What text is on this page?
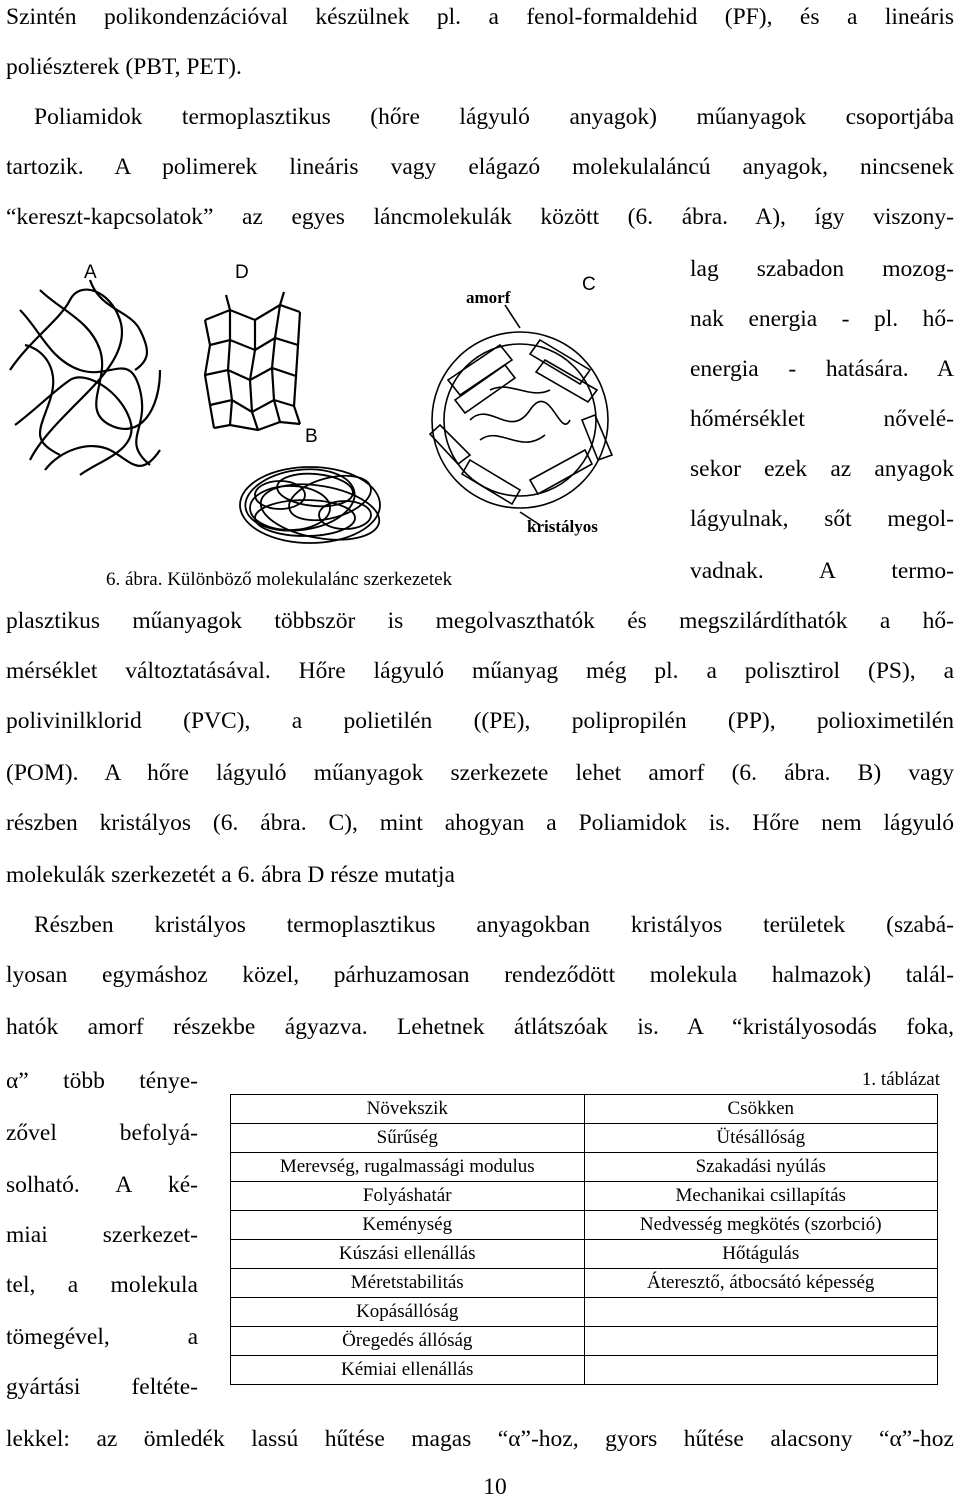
Szintén polikondenzációval készülnek pl. a fenol-formaldehid (PF), és a lineáris
poliészterek (PBT, PET).
Poliamidok termoplasztikus (hőre lágyuló anyagok) műanyagok csoportjába
tartozik. A polimerek lineáris vagy elágazó molekulaláncú anyagok, nincsenek
“kereszt-kapcsolatok” az egyes láncmolekulák között (6. ábra. A), így viszony-
lag szabadon mozog-
nak energia - pl. hő-
energia - hatására. A
hőmérséklet nővelé-
sekor ezek az anyagok
lágyulnak, sőt megol-
vadnak. A termo-
A	D
B
C
amorf
kristályos
6. ábra. Különböző molekulalánc szerkezetek
plasztikus műanyagok többször is megolvaszthatók és megszilárdíthatók a hő-
mérséklet változtatásával. Hőre lágyuló műanyag még pl. a polisztirol (PS), a
polivinilklorid (PVC), a polietilén ((PE), polipropilén (PP), polioximetilén
(POM). A hőre lágyuló műanyagok szerkezete lehet amorf (6. ábra. B) vagy
részben kristályos (6. ábra. C), mint ahogyan a Poliamidok is. Hőre nem lágyuló
molekulák szerkezetét a 6. ábra D része mutatja
Részben kristályos termoplasztikus anyagokban kristályos területek (szabá-
lyosan egymáshoz közel, párhuzamosan rendeződött molekula halmazok) talál-
hatók amorf részekbe ágyazva. Lehetnek átlátszóak is. A “kristályosodás foka,
α” több ténye-
zővel befolyá-
solható. A ké-
miai szerkezet-
tel, a molekula
tömegével, a
gyártási feltéte-
1. táblázat
Növekszik	Csökken
Sűrűség	Ütésállóság
Merevség, rugalmassági modulus	Szakadási nyúlás
Folyáshatár	Mechanikai csillapítás
Keménység	Nedvesség megkötés (szorbció)
Kúszási ellenállás	Hőtágulás
Méretstabilitás	Áteresztő, átbocsátó képesség
Kopásállóság	
Öregedés állóság	
Kémiai ellenállás	
lekkel: az ömledék lassú hűtése magas “α”-hoz, gyors hűtése alacsony “α”-hoz
10
